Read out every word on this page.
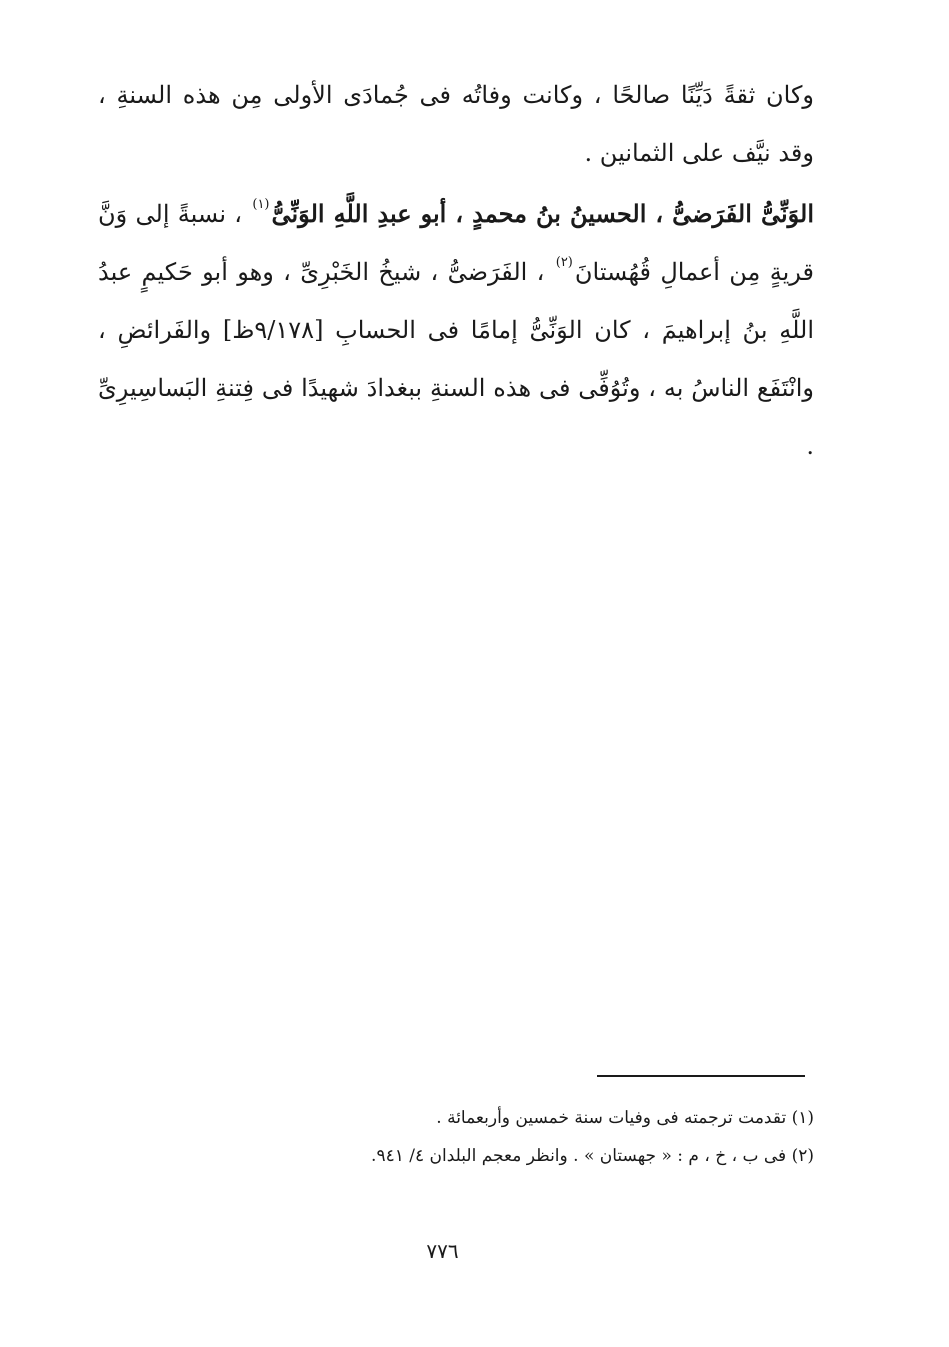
وكان ثقةً دَيِّنًا صالحًا ، وكانت وفاتُه فى جُمادَى الأولى مِن هذه السنةِ ، وقد نيَّف على الثمانين .

الوَنِّىُّ الفَرَضىُّ ، الحسينُ بنُ محمدٍ ، أبو عبدِ اللَّهِ الوَنِّىُّ$^{(١)}$ ، نسبةً إلى وَنَّ قريةٍ مِن أعمالِ قُهُستانَ$^{(٢)}$ ، الفَرَضىُّ ، شيخُ الخَبْرِىِّ ، وهو أبو حَكيمٍ عبدُ اللَّهِ بنُ إبراهيمَ ، كان الوَنِّىُّ إمامًا فى الحسابِ [٩/١٧٨ظ] والفَرائضِ ، وانْتَفَع الناسُ به ، وتُوُفِّى فى هذه السنةِ ببغدادَ شهيدًا فى فِتنةِ البَساسِيرِىِّ .

(١) تقدمت ترجمته فى وفيات سنة خمسين وأربعمائة .

(٢) فى ب ، خ ، م : « جهستان » . وانظر معجم البلدان ٤/ ٩٤١.

٧٧٦
